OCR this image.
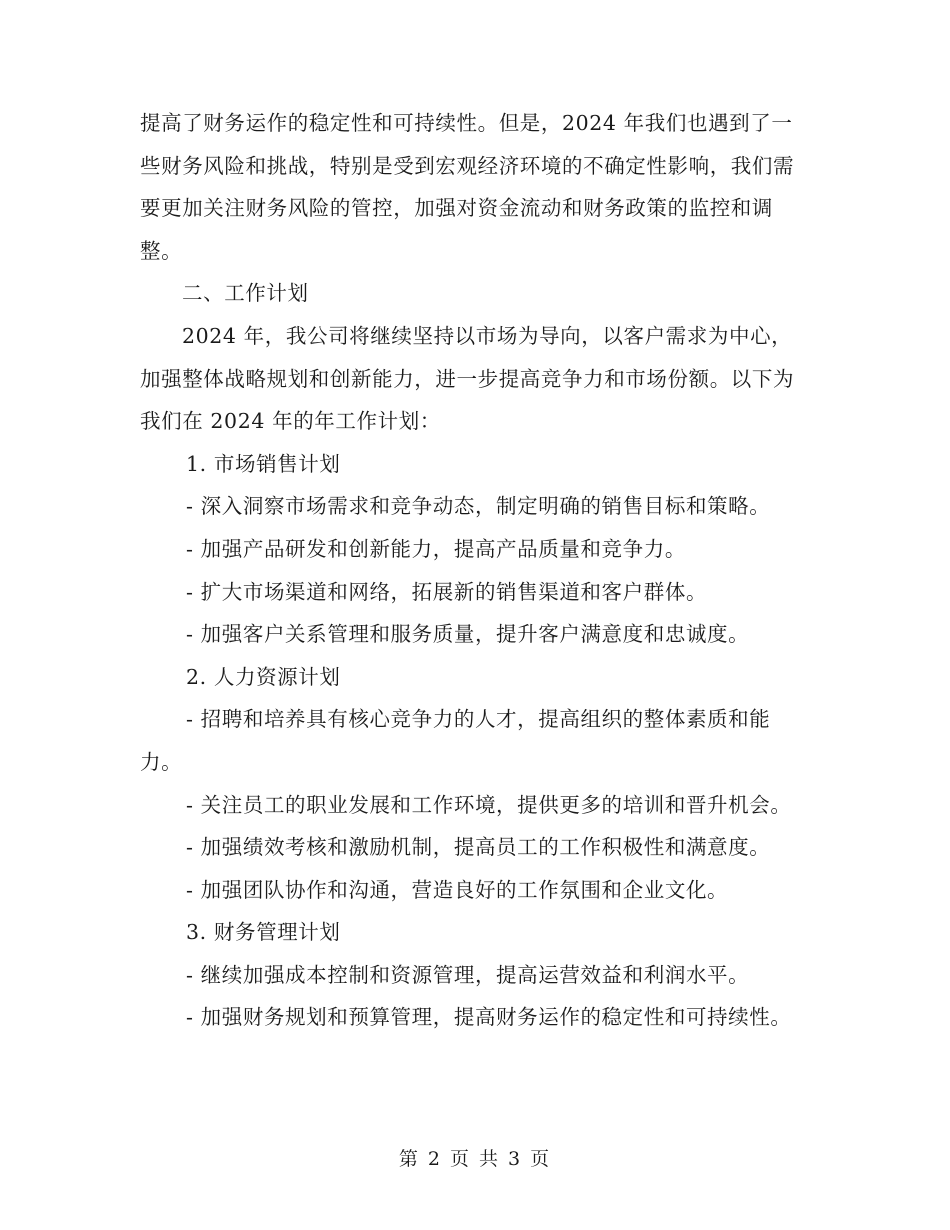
提高了财务运作的稳定性和可持续性。但是，2024 年我们也遇到了一些财务风险和挑战，特别是受到宏观经济环境的不确定性影响，我们需要更加关注财务风险的管控，加强对资金流动和财务政策的监控和调整。

二、工作计划

2024 年，我公司将继续坚持以市场为导向，以客户需求为中心，加强整体战略规划和创新能力，进一步提高竞争力和市场份额。以下为我们在 2024 年的年工作计划：

1. 市场销售计划

- 深入洞察市场需求和竞争动态，制定明确的销售目标和策略。

- 加强产品研发和创新能力，提高产品质量和竞争力。

- 扩大市场渠道和网络，拓展新的销售渠道和客户群体。

- 加强客户关系管理和服务质量，提升客户满意度和忠诚度。

2. 人力资源计划

- 招聘和培养具有核心竞争力的人才，提高组织的整体素质和能力。

- 关注员工的职业发展和工作环境，提供更多的培训和晋升机会。

- 加强绩效考核和激励机制，提高员工的工作积极性和满意度。

- 加强团队协作和沟通，营造良好的工作氛围和企业文化。

3. 财务管理计划

- 继续加强成本控制和资源管理，提高运营效益和利润水平。

- 加强财务规划和预算管理，提高财务运作的稳定性和可持续性。

第 2 页 共 3 页
